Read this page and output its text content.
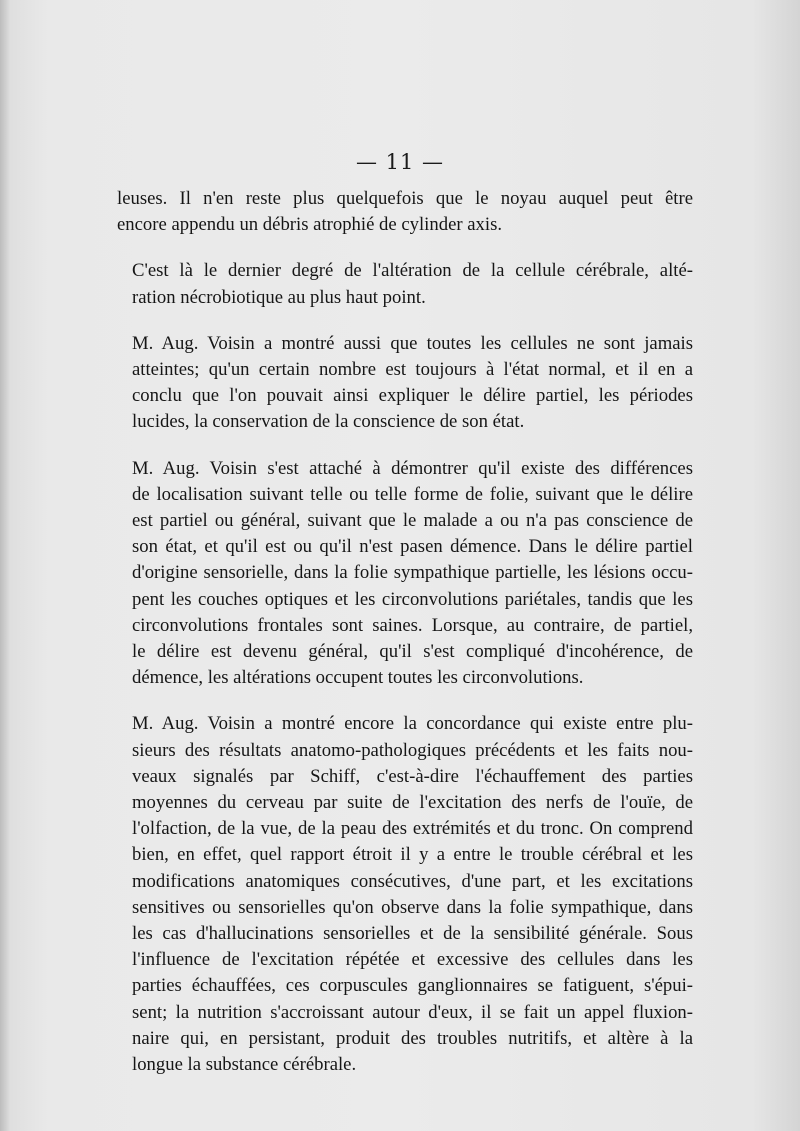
— 11 —

leuses. Il n'en reste plus quelquefois que le noyau auquel peut être
encore appendu un débris atrophié de cylinder axis.

C'est là le dernier degré de l'altération de la cellule cérébrale, alté-
ration nécrobiotique au plus haut point.

M. Aug. Voisin a montré aussi que toutes les cellules ne sont jamais
atteintes; qu'un certain nombre est toujours à l'état normal, et il en a
conclu que l'on pouvait ainsi expliquer le délire partiel, les périodes
lucides, la conservation de la conscience de son état.

M. Aug. Voisin s'est attaché à démontrer qu'il existe des différences
de localisation suivant telle ou telle forme de folie, suivant que le délire
est partiel ou général, suivant que le malade a ou n'a pas conscience de
son état, et qu'il est ou qu'il n'est pasen démence. Dans le délire partiel
d'origine sensorielle, dans la folie sympathique partielle, les lésions occu-
pent les couches optiques et les circonvolutions pariétales, tandis que les
circonvolutions frontales sont saines. Lorsque, au contraire, de partiel,
le délire est devenu général, qu'il s'est compliqué d'incohérence, de
démence, les altérations occupent toutes les circonvolutions.

M. Aug. Voisin a montré encore la concordance qui existe entre plu-
sieurs des résultats anatomo-pathologiques précédents et les faits nou-
veaux signalés par Schiff, c'est-à-dire l'échauffement des parties
moyennes du cerveau par suite de l'excitation des nerfs de l'ouïe, de
l'olfaction, de la vue, de la peau des extrémités et du tronc. On comprend
bien, en effet, quel rapport étroit il y a entre le trouble cérébral et les
modifications anatomiques consécutives, d'une part, et les excitations
sensitives ou sensorielles qu'on observe dans la folie sympathique, dans
les cas d'hallucinations sensorielles et de la sensibilité générale. Sous
l'influence de l'excitation répétée et excessive des cellules dans les
parties échauffées, ces corpuscules ganglionnaires se fatiguent, s'épui-
sent; la nutrition s'accroissant autour d'eux, il se fait un appel fluxion-
naire qui, en persistant, produit des troubles nutritifs, et altère à la
longue la substance cérébrale.
